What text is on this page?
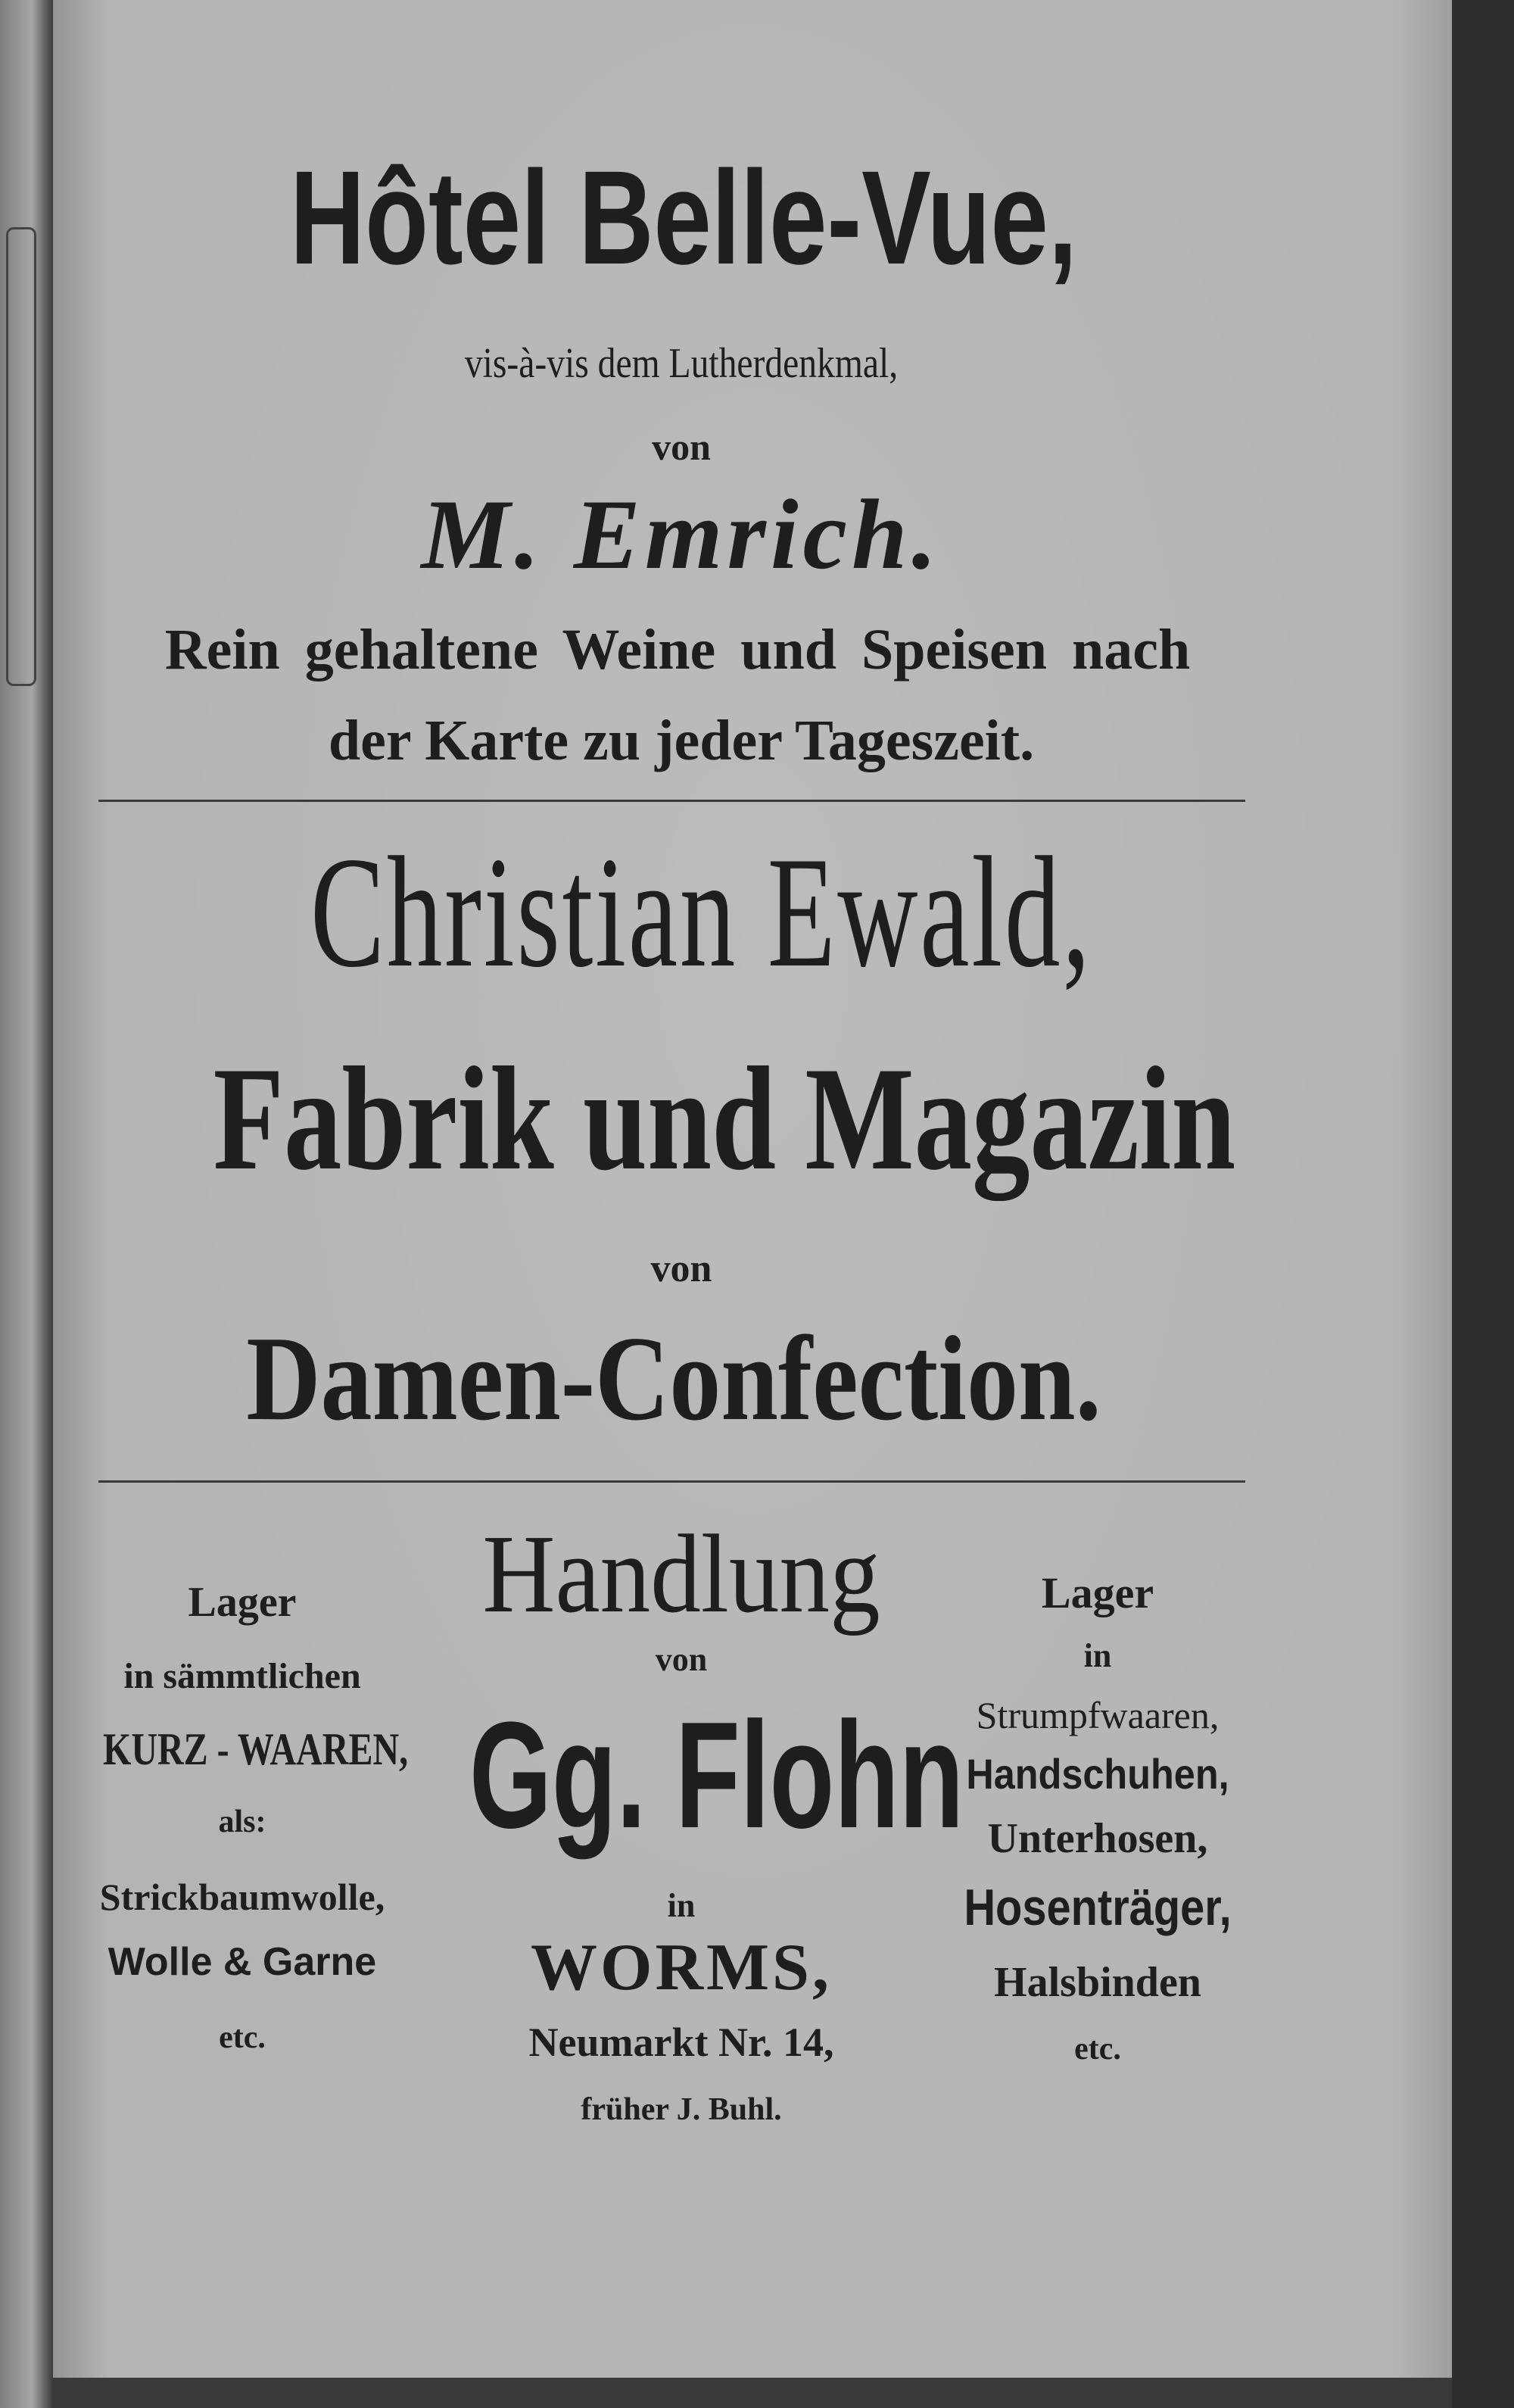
Hôtel Belle-Vue,
vis-à-vis dem Lutherdenkmal,
von
M. Emrich.
Rein gehaltene Weine und Speisen nach
der Karte zu jeder Tageszeit.
Christian Ewald,
Fabrik und Magazin
von
Damen-Confection.
Handlung
von
Gg. Flohn
in
WORMS,
Neumarkt Nr. 14,
früher J. Buhl.
Lager
in sämmtlichen
KURZ - WAAREN,
als:
Strickbaumwolle,
Wolle & Garne
etc.
Lager
in
Strumpfwaaren,
Handschuhen,
Unterhosen,
Hosenträger,
Halsbinden
etc.
